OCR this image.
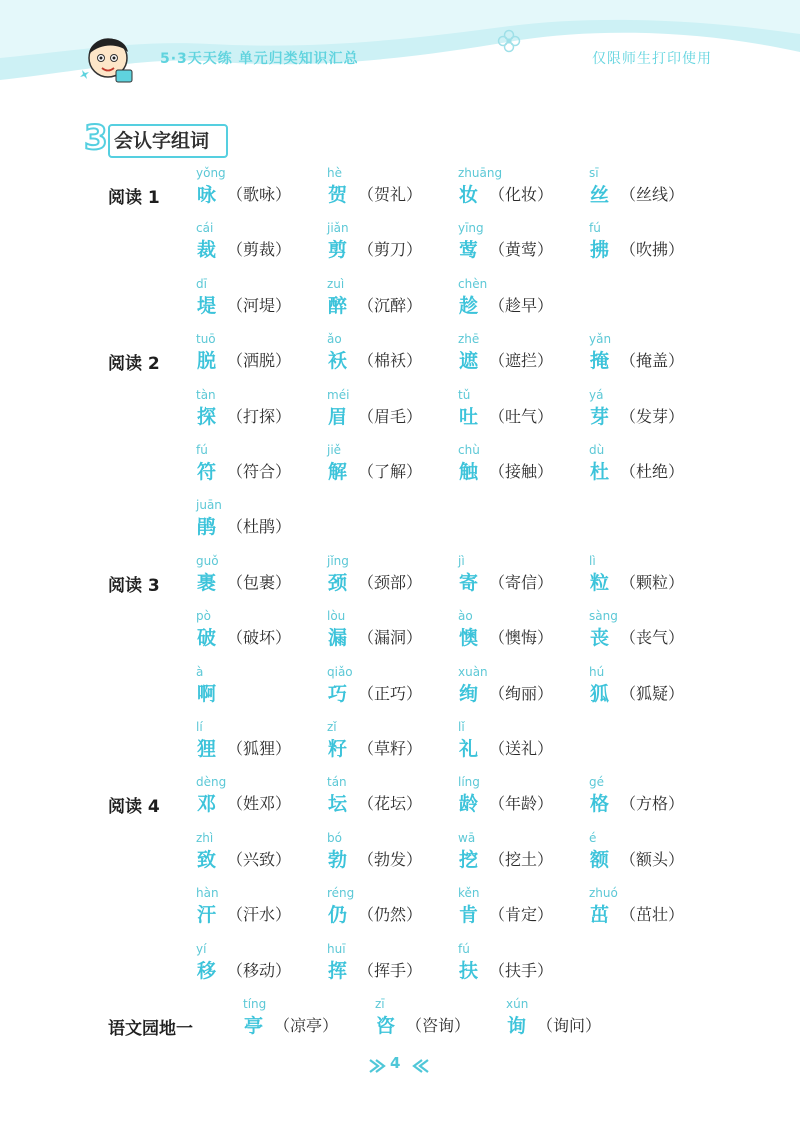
5·3天天练 单元归类知识汇总	仅限师生打印使用
会认字组词
3
阅读 1
yǒng
咏 （歌咏）
hè
贺 （贺礼）
zhuāng
妆 （化妆）
sī
丝 （丝线）
cái
裁 （剪裁）
jiǎn
剪 （剪刀）
yīng
莺 （黄莺）
fú
拂 （吹拂）
dī
堤 （河堤）
zuì
醉 （沉醉）
chèn
趁 （趁早）
阅读 2
tuō
脱 （洒脱）
ǎo
袄 （棉袄）
zhē
遮 （遮拦）
yǎn
掩 （掩盖）
tàn
探 （打探）
méi
眉 （眉毛）
tǔ
吐 （吐气）
yá
芽 （发芽）
fú
符 （符合）
jiě
解 （了解）
chù
触 （接触）
dù
杜 （杜绝）
juān
鹃 （杜鹃）
阅读 3
guǒ
裹 （包裹）
jǐng
颈 （颈部）
jì
寄 （寄信）
lì
粒 （颗粒）
pò
破 （破坏）
lòu
漏 （漏洞）
ào
懊 （懊悔）
sàng
丧 （丧气）
à
啊
qiǎo
巧 （正巧）
xuàn
绚 （绚丽）
hú
狐 （狐疑）
lí
狸 （狐狸）
zǐ
籽 （草籽）
lǐ
礼 （送礼）
阅读 4
dèng
邓 （姓邓）
tán
坛 （花坛）
líng
龄 （年龄）
gé
格 （方格）
zhì
致 （兴致）
bó
勃 （勃发）
wā
挖 （挖土）
é
额 （额头）
hàn
汗 （汗水）
réng
仍 （仍然）
kěn
肯 （肯定）
zhuó
茁 （茁壮）
yí
移 （移动）
huī
挥 （挥手）
fú
扶 （扶手）
语文园地一
tíng
亭 （凉亭）
zī
咨 （咨询）
xún
询 （询问）
4
